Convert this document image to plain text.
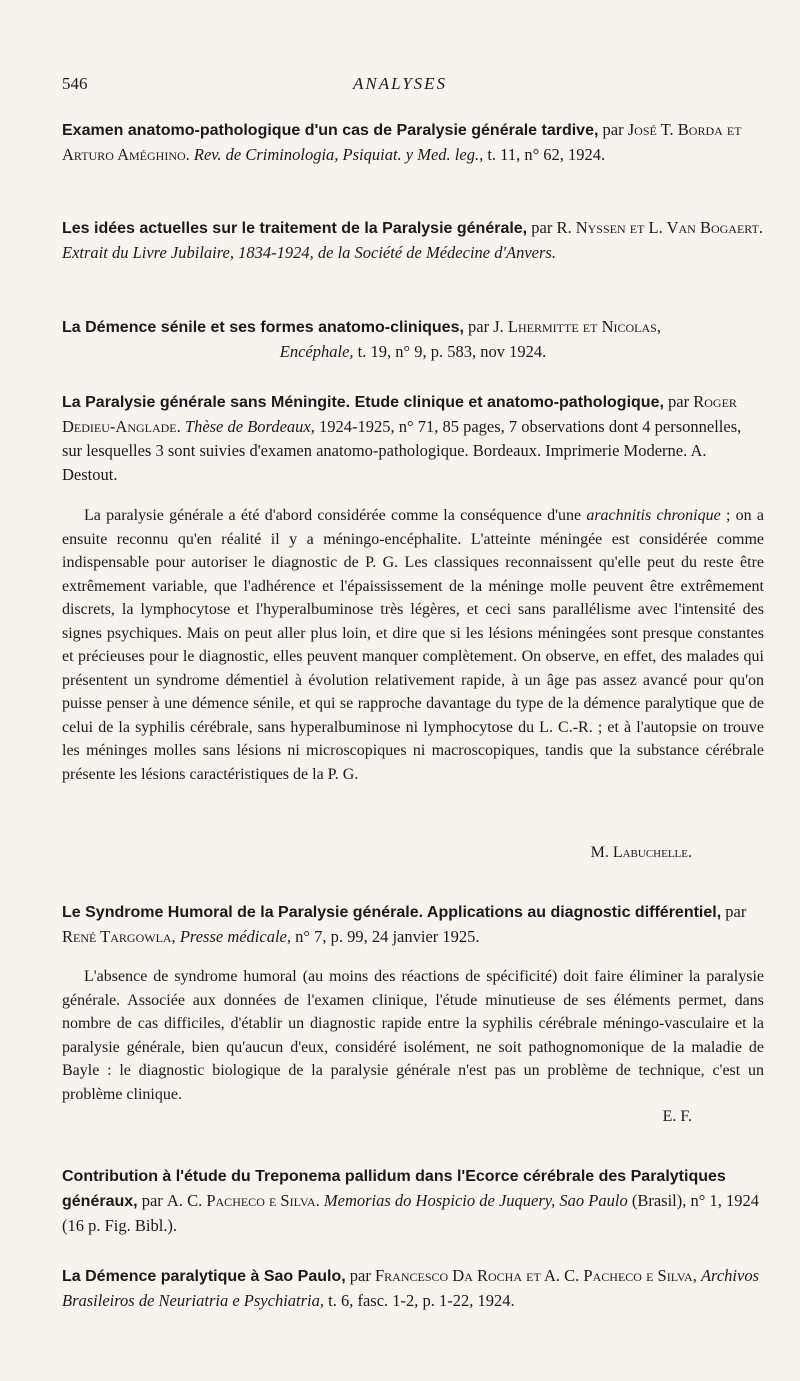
546	ANALYSES

Examen anatomo-pathologique d'un cas de Paralysie générale tardive, par José T. Borda et Arturo Améghino. Rev. de Criminologia, Psiquiat. y Med. leg., t. 11, n° 62, 1924.

Les idées actuelles sur le traitement de la Paralysie générale, par R. Nyssen et L. Van Bogaert. Extrait du Livre Jubilaire, 1834-1924, de la Société de Médecine d'Anvers.

La Démence sénile et ses formes anatomo-cliniques, par J. Lhermitte et Nicolas,

Encéphale, t. 19, n° 9, p. 583, nov 1924.

La Paralysie générale sans Méningite. Etude clinique et anatomo-pathologique, par Roger Dedieu-Anglade. Thèse de Bordeaux, 1924-1925, n° 71, 85 pages, 7 observations dont 4 personnelles, sur lesquelles 3 sont suivies d'examen anatomo-pathologique. Bordeaux. Imprimerie Moderne. A. Destout.

La paralysie générale a été d'abord considérée comme la conséquence d'une arachnitis chronique ; on a ensuite reconnu qu'en réalité il y a méningo-encéphalite. L'atteinte méningée est considérée comme indispensable pour autoriser le diagnostic de P. G. Les classiques reconnaissent qu'elle peut du reste être extrêmement variable, que l'adhérence et l'épaississement de la méninge molle peuvent être extrêmement discrets, la lymphocytose et l'hyperalbuminose très légères, et ceci sans parallélisme avec l'intensité des signes psychiques. Mais on peut aller plus loin, et dire que si les lésions méningées sont presque constantes et précieuses pour le diagnostic, elles peuvent manquer complètement. On observe, en effet, des malades qui présentent un syndrome démentiel à évolution relativement rapide, à un âge pas assez avancé pour qu'on puisse penser à une démence sénile, et qui se rapproche davantage du type de la démence paralytique que de celui de la syphilis cérébrale, sans hyperalbuminose ni lymphocytose du L. C.-R. ; et à l'autopsie on trouve les méninges molles sans lésions ni microscopiques ni macroscopiques, tandis que la substance cérébrale présente les lésions caractéristiques de la P. G.
M. Labuchelle.

Le Syndrome Humoral de la Paralysie générale. Applications au diagnostic différentiel, par René Targowla, Presse médicale, n° 7, p. 99, 24 janvier 1925.

L'absence de syndrome humoral (au moins des réactions de spécificité) doit faire éliminer la paralysie générale. Associée aux données de l'examen clinique, l'étude minutieuse de ses éléments permet, dans nombre de cas difficiles, d'établir un diagnostic rapide entre la syphilis cérébrale méningo-vasculaire et la paralysie générale, bien qu'aucun d'eux, considéré isolément, ne soit pathognomonique de la maladie de Bayle : le diagnostic biologique de la paralysie générale n'est pas un problème de technique, c'est un problème clinique.
E. F.

Contribution à l'étude du Treponema pallidum dans l'Ecorce cérébrale des Paralytiques généraux, par A. C. Pacheco e Silva. Memorias do Hospicio de Juquery, Sao Paulo (Brasil), n° 1, 1924 (16 p. Fig. Bibl.).

La Démence paralytique à Sao Paulo, par Francesco Da Rocha et A. C. Pacheco e Silva, Archivos Brasileiros de Neuriatria e Psychiatria, t. 6, fasc. 1-2, p. 1-22, 1924.
